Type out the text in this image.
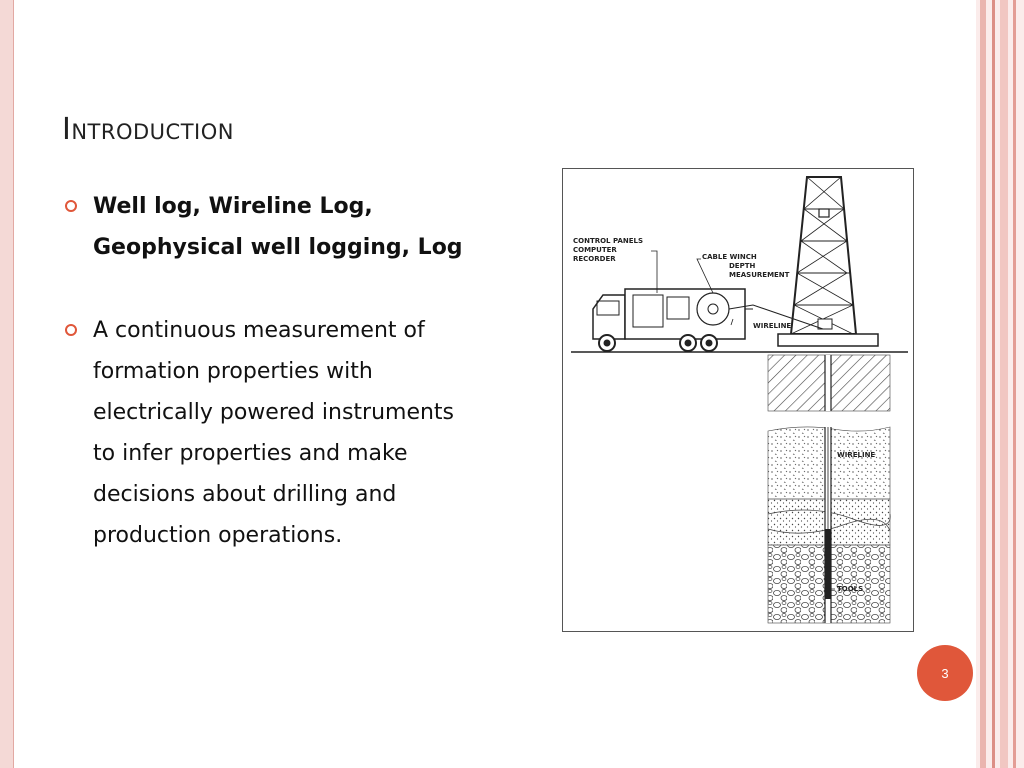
Introduction
Well log, Wireline Log,
Geophysical well logging, Log
A continuous measurement of
formation properties with
electrically powered instruments
to infer properties and make
decisions about drilling and
production operations.
CONTROL PANELS
COMPUTER
RECORDER	CABLE WINCH
DEPTH
MEASUREMENT
WIRELINE
WIRELINE
TOOLS
3
